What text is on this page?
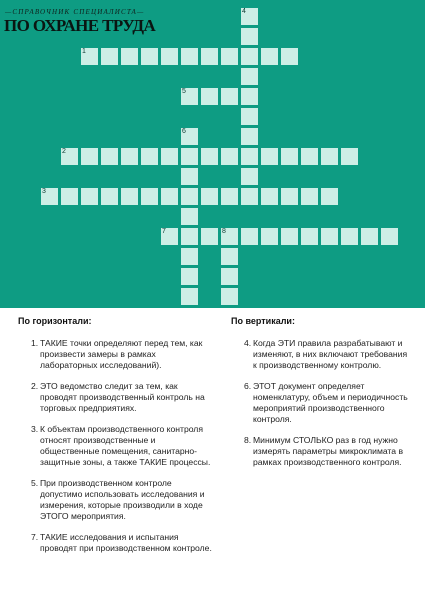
—СПРАВОЧНИК СПЕЦИАЛИСТА—
ПО ОХРАНЕ ТРУДА
1
2
3
4
5
6
7	8
По горизонтали:
1. ТАКИЕ точки определяют перед тем, как произвести замеры в рамках лабораторных исследований).
2. ЭТО ведомство следит за тем, как проводят производственный контроль на торговых предприятиях.
3. К объектам производственного контроля относят производственные и общественные помещения, санитарно-защитные зоны, а также ТАКИЕ процессы.
5. При производственном контроле допустимо использовать исследования и измерения, которые производили в ходе ЭТОГО мероприятия.
7. ТАКИЕ исследования и испытания проводят при производственном контроле.
По вертикали:
4. Когда ЭТИ правила разрабатывают и изменяют, в них включают требования к производственному контролю.
6. ЭТОТ документ определяет номенклатуру, объем и периодичность мероприятий производственного контроля.
8. Минимум СТОЛЬКО раз в год нужно измерять параметры микроклимата в рамках производственного контроля.
